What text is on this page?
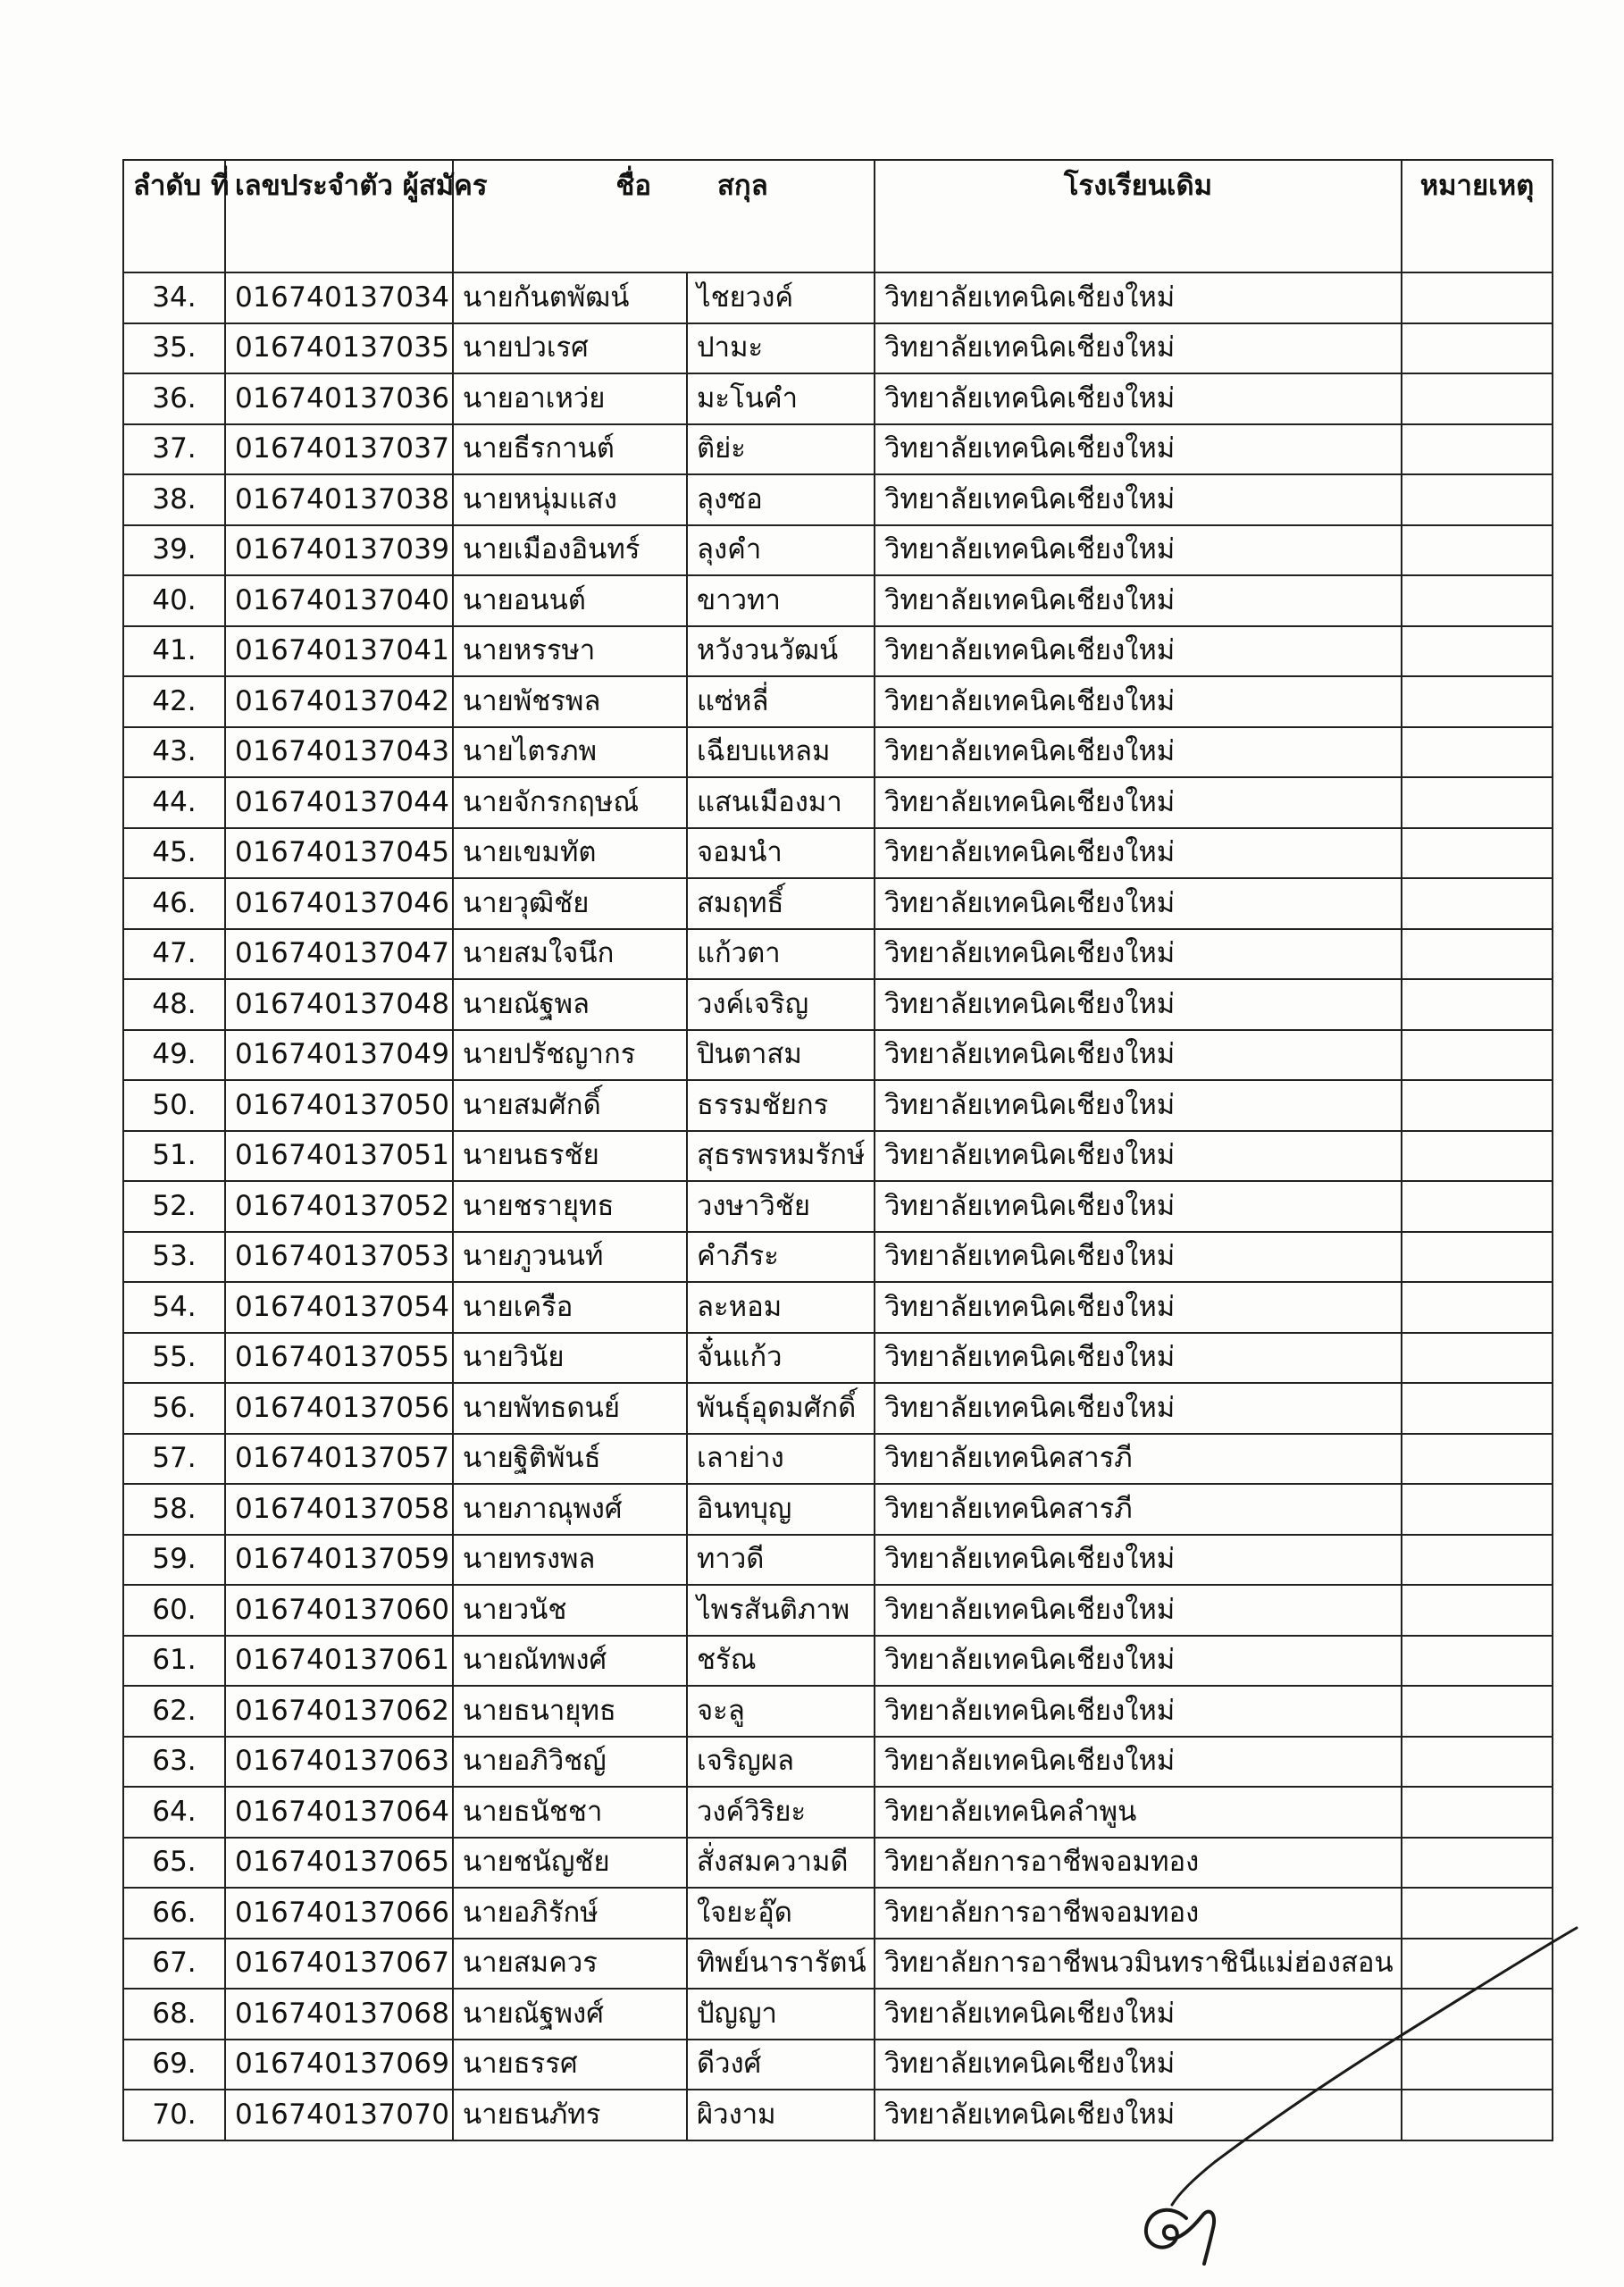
ลำดับ ที่	เลขประจำตัว ผู้สมัคร	ชื่อ	สกุล	โรงเรียนเดิม	หมายเหตุ
34.	016740137034	นายกันตพัฒน์	ไชยวงค์	วิทยาลัยเทคนิคเชียงใหม่	
35.	016740137035	นายปวเรศ	ปามะ	วิทยาลัยเทคนิคเชียงใหม่	
36.	016740137036	นายอาเหว่ย	มะโนคำ	วิทยาลัยเทคนิคเชียงใหม่	
37.	016740137037	นายธีรกานต์	ติย่ะ	วิทยาลัยเทคนิคเชียงใหม่	
38.	016740137038	นายหนุ่มแสง	ลุงซอ	วิทยาลัยเทคนิคเชียงใหม่	
39.	016740137039	นายเมืองอินทร์	ลุงคำ	วิทยาลัยเทคนิคเชียงใหม่	
40.	016740137040	นายอนนต์	ขาวทา	วิทยาลัยเทคนิคเชียงใหม่	
41.	016740137041	นายหรรษา	หวังวนวัฒน์	วิทยาลัยเทคนิคเชียงใหม่	
42.	016740137042	นายพัชรพล	แซ่หลี่	วิทยาลัยเทคนิคเชียงใหม่	
43.	016740137043	นายไตรภพ	เฉียบแหลม	วิทยาลัยเทคนิคเชียงใหม่	
44.	016740137044	นายจักรกฤษณ์	แสนเมืองมา	วิทยาลัยเทคนิคเชียงใหม่	
45.	016740137045	นายเขมทัต	จอมนำ	วิทยาลัยเทคนิคเชียงใหม่	
46.	016740137046	นายวุฒิชัย	สมฤทธิ์	วิทยาลัยเทคนิคเชียงใหม่	
47.	016740137047	นายสมใจนึก	แก้วตา	วิทยาลัยเทคนิคเชียงใหม่	
48.	016740137048	นายณัฐพล	วงค์เจริญ	วิทยาลัยเทคนิคเชียงใหม่	
49.	016740137049	นายปรัชญากร	ปินตาสม	วิทยาลัยเทคนิคเชียงใหม่	
50.	016740137050	นายสมศักดิ์	ธรรมชัยกร	วิทยาลัยเทคนิคเชียงใหม่	
51.	016740137051	นายนธรชัย	สุธรพรหมรักษ์	วิทยาลัยเทคนิคเชียงใหม่	
52.	016740137052	นายชรายุทธ	วงษาวิชัย	วิทยาลัยเทคนิคเชียงใหม่	
53.	016740137053	นายภูวนนท์	คำภีระ	วิทยาลัยเทคนิคเชียงใหม่	
54.	016740137054	นายเครือ	ละหอม	วิทยาลัยเทคนิคเชียงใหม่	
55.	016740137055	นายวินัย	จั๋นแก้ว	วิทยาลัยเทคนิคเชียงใหม่	
56.	016740137056	นายพัทธดนย์	พันธุ์อุดมศักดิ์	วิทยาลัยเทคนิคเชียงใหม่	
57.	016740137057	นายฐิติพันธ์	เลาย่าง	วิทยาลัยเทคนิคสารภี	
58.	016740137058	นายภาณุพงศ์	อินทบุญ	วิทยาลัยเทคนิคสารภี	
59.	016740137059	นายทรงพล	ทาวดี	วิทยาลัยเทคนิคเชียงใหม่	
60.	016740137060	นายวนัช	ไพรสันติภาพ	วิทยาลัยเทคนิคเชียงใหม่	
61.	016740137061	นายณัทพงศ์	ชรัณ	วิทยาลัยเทคนิคเชียงใหม่	
62.	016740137062	นายธนายุทธ	จะลู	วิทยาลัยเทคนิคเชียงใหม่	
63.	016740137063	นายอภิวิชญ์	เจริญผล	วิทยาลัยเทคนิคเชียงใหม่	
64.	016740137064	นายธนัชชา	วงค์วิริยะ	วิทยาลัยเทคนิคลำพูน	
65.	016740137065	นายชนัญชัย	สั่งสมความดี	วิทยาลัยการอาชีพจอมทอง	
66.	016740137066	นายอภิรักษ์	ใจยะอุ๊ด	วิทยาลัยการอาชีพจอมทอง	
67.	016740137067	นายสมควร	ทิพย์นารารัตน์	วิทยาลัยการอาชีพนวมินทราชินีแม่ฮ่องสอน	
68.	016740137068	นายณัฐพงศ์	ปัญญา	วิทยาลัยเทคนิคเชียงใหม่	
69.	016740137069	นายธรรศ	ดีวงศ์	วิทยาลัยเทคนิคเชียงใหม่	
70.	016740137070	นายธนภัทร	ผิวงาม	วิทยาลัยเทคนิคเชียงใหม่	
